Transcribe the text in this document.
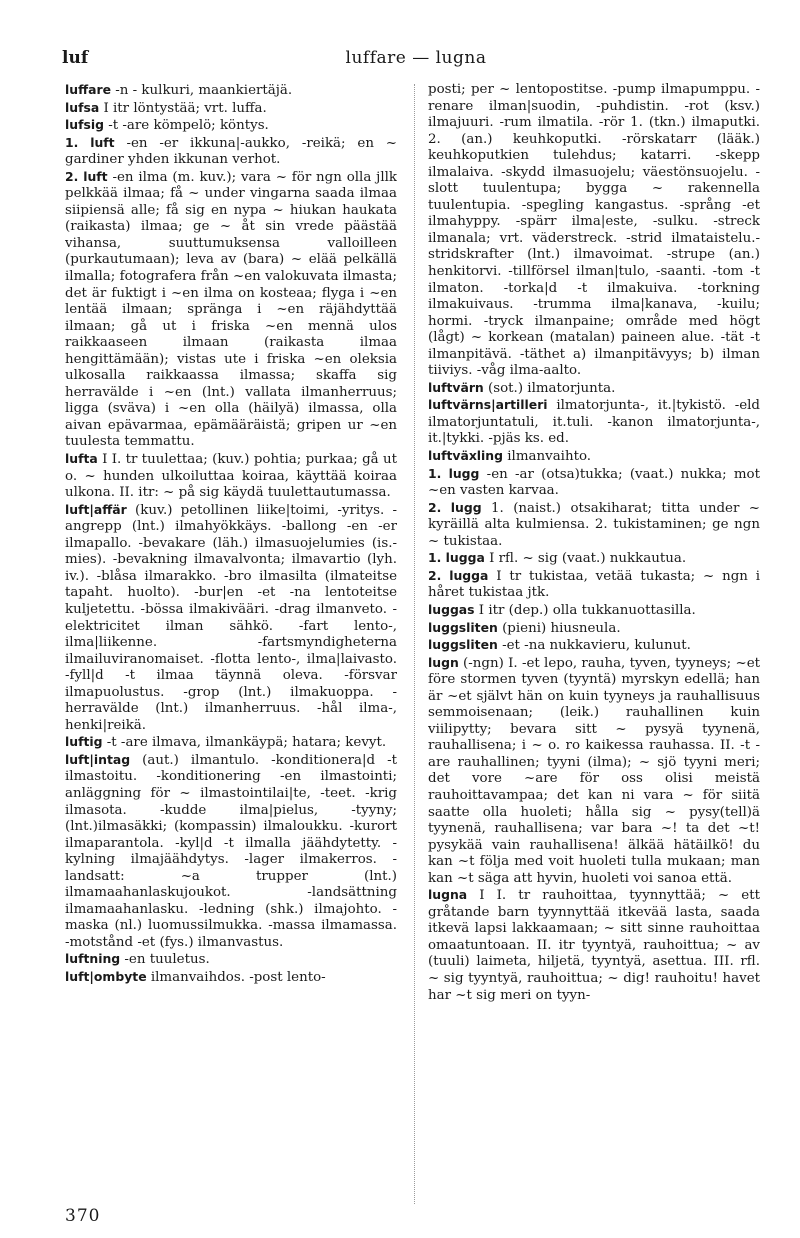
luf	luffare — lugna

luffare -n - kulkuri, maankiertäjä.

lufsa I itr löntystää; vrt. luffa.

lufsig -t -are kömpelö; köntys.

1. luft -en -er ikkuna|-aukko, -reikä; en ~ gardiner yhden ikkunan verhot.

2. luft -en ilma (m. kuv.); vara ~ för ngn olla jllk pelkkää ilmaa; få ~ under vingarna saada ilmaa siipiensä alle; få sig en nypa ~ hiukan haukata (raikasta) ilmaa; ge ~ åt sin vrede päästää vihansa, suuttumuksensa valloilleen (purkautumaan); leva av (bara) ~ elää pelkällä ilmalla; fotografera från ~en valokuvata ilmasta; det är fuktigt i ~en ilma on kosteaa; flyga i ~en lentää ilmaan; spränga i ~en räjähdyttää ilmaan; gå ut i friska ~en mennä ulos raikkaaseen ilmaan (raikasta ilmaa hengittämään); vistas ute i friska ~en oleksia ulkosalla raikkaassa ilmassa; skaffa sig herravälde i ~en (lnt.) vallata ilmanherruus; ligga (sväva) i ~en olla (häilyä) ilmassa, olla aivan epävarmaa, epämääräistä; gripen ur ~en tuulesta temmattu.

lufta I I. tr tuulettaa; (kuv.) pohtia; purkaa; gå ut o. ~ hunden ulkoiluttaa koiraa, käyttää koiraa ulkona. II. itr: ~ på sig käydä tuulettautumassa.

luft|affär (kuv.) petollinen liike|toimi, -yritys. -angrepp (lnt.) ilmahyökkäys. -ballong -en -er ilmapallo. -bevakare (läh.) ilmasuojelumies (is.-mies). -bevakning ilmavalvonta; ilmavartio (lyh. iv.). -blåsa ilmarakko. -bro ilmasilta (ilmateitse tapaht. huolto). -bur|en -et -na lentoteitse kuljetettu. -bössa ilmakivääri. -drag ilmanveto. -elektricitet ilman sähkö. -fart lento-, ilma|liikenne. -fartsmyndigheterna ilmailuviranomaiset. -flotta lento-, ilma|laivasto. -fyll|d -t ilmaa täynnä oleva. -försvar ilmapuolustus. -grop (lnt.) ilmakuoppa. -herravälde (lnt.) ilmanherruus. -hål ilma-, henki|reikä.

luftig -t -are ilmava, ilmankäypä; hatara; kevyt.

luft|intag (aut.) ilmantulo. -konditionera|d -t ilmastoitu. -konditionering -en ilmastointi; anläggning för ~ ilmastointilai|te, -teet. -krig ilmasota. -kudde ilma|pielus, -tyyny; (lnt.)ilmasäkki; (kompassin) ilmaloukku. -kurort ilmaparantola. -kyl|d -t ilmalla jäähdytetty. -kylning ilmajäähdytys. -lager ilmakerros. -landsatt: ~a trupper (lnt.) ilmamaahanlaskujoukot. -landsättning ilmamaahanlasku. -ledning (shk.) ilmajohto. -maska (nl.) luomussilmukka. -massa ilmamassa. -motstånd -et (fys.) ilmanvastus.

luftning -en tuuletus.

luft|ombyte ilmanvaihdos. -post lento-

posti; per ~ lentopostitse. -pump ilmapumppu. -renare ilman|suodin, -puhdistin. -rot (ksv.) ilmajuuri. -rum ilmatila. -rör 1. (tkn.) ilmaputki. 2. (an.) keuhkoputki. -rörskatarr (lääk.) keuhkoputkien tulehdus; katarri. -skepp ilmalaiva. -skydd ilmasuojelu; väestönsuojelu. -slott tuulentupa; bygga ~ rakennella tuulentupia. -spegling kangastus. -språng -et ilmahyppy. -spärr ilma|este, -sulku. -streck ilmanala; vrt. väderstreck. -strid ilmataistelu.-stridskrafter (lnt.) ilmavoimat. -strupe (an.) henkitorvi. -tillförsel ilman|tulo, -saanti. -tom -t ilmaton. -torka|d -t ilmakuiva. -torkning ilmakuivaus. -trumma ilma|kanava, -kuilu; hormi. -tryck ilmanpaine; område med högt (lågt) ~ korkean (matalan) paineen alue. -tät -t ilmanpitävä. -täthet a) ilmanpitävyys; b) ilman tiiviys. -våg ilma-aalto.

luftvärn (sot.) ilmatorjunta.

luftvärns|artilleri ilmatorjunta-, it.|tykistö. -eld ilmatorjuntatuli, it.tuli. -kanon ilmatorjunta-, it.|tykki. -pjäs ks. ed.

luftväxling ilmanvaihto.

1. lugg -en -ar (otsa)tukka; (vaat.) nukka; mot ~en vasten karvaa.

2. lugg 1. (naist.) otsakiharat; titta under ~ kyräillä alta kulmiensa. 2. tukistaminen; ge ngn ~ tukistaa.

1. lugga I rfl. ~ sig (vaat.) nukkautua.

2. lugga I tr tukistaa, vetää tukasta; ~ ngn i håret tukistaa jtk.

luggas I itr (dep.) olla tukkanuottasilla.

luggsliten (pieni) hiusneula.

luggsliten -et -na nukkavieru, kulunut.

lugn (-ngn) I. -et lepo, rauha, tyven, tyyneys; ~et före stormen tyven (tyyntä) myrskyn edellä; han är ~et självt hän on kuin tyyneys ja rauhallisuus semmoisenaan; (leik.) rauhallinen kuin viilipytty; bevara sitt ~ pysyä tyynenä, rauhallisena; i ~ o. ro kaikessa rauhassa. II. -t -are rauhallinen; tyyni (ilma); ~ sjö tyyni meri; det vore ~are för oss olisi meistä rauhoittavampaa; det kan ni vara ~ för siitä saatte olla huoleti; hålla sig ~ pysy(tell)ä tyynenä, rauhallisena; var bara ~! ta det ~t! pysykää vain rauhallisena! älkää hätäilkö! du kan ~t följa med voit huoleti tulla mukaan; man kan ~t säga att hyvin, huoleti voi sanoa että.

lugna I I. tr rauhoittaa, tyynnyttää; ~ ett gråtande barn tyynnyttää itkevää lasta, saada itkevä lapsi lakkaamaan; ~ sitt sinne rauhoittaa omaatuntoaan. II. itr tyyntyä, rauhoittua; ~ av (tuuli) laimeta, hiljetä, tyyntyä, asettua. III. rfl. ~ sig tyyntyä, rauhoittua; ~ dig! rauhoitu! havet har ~t sig meri on tyyn-

370
